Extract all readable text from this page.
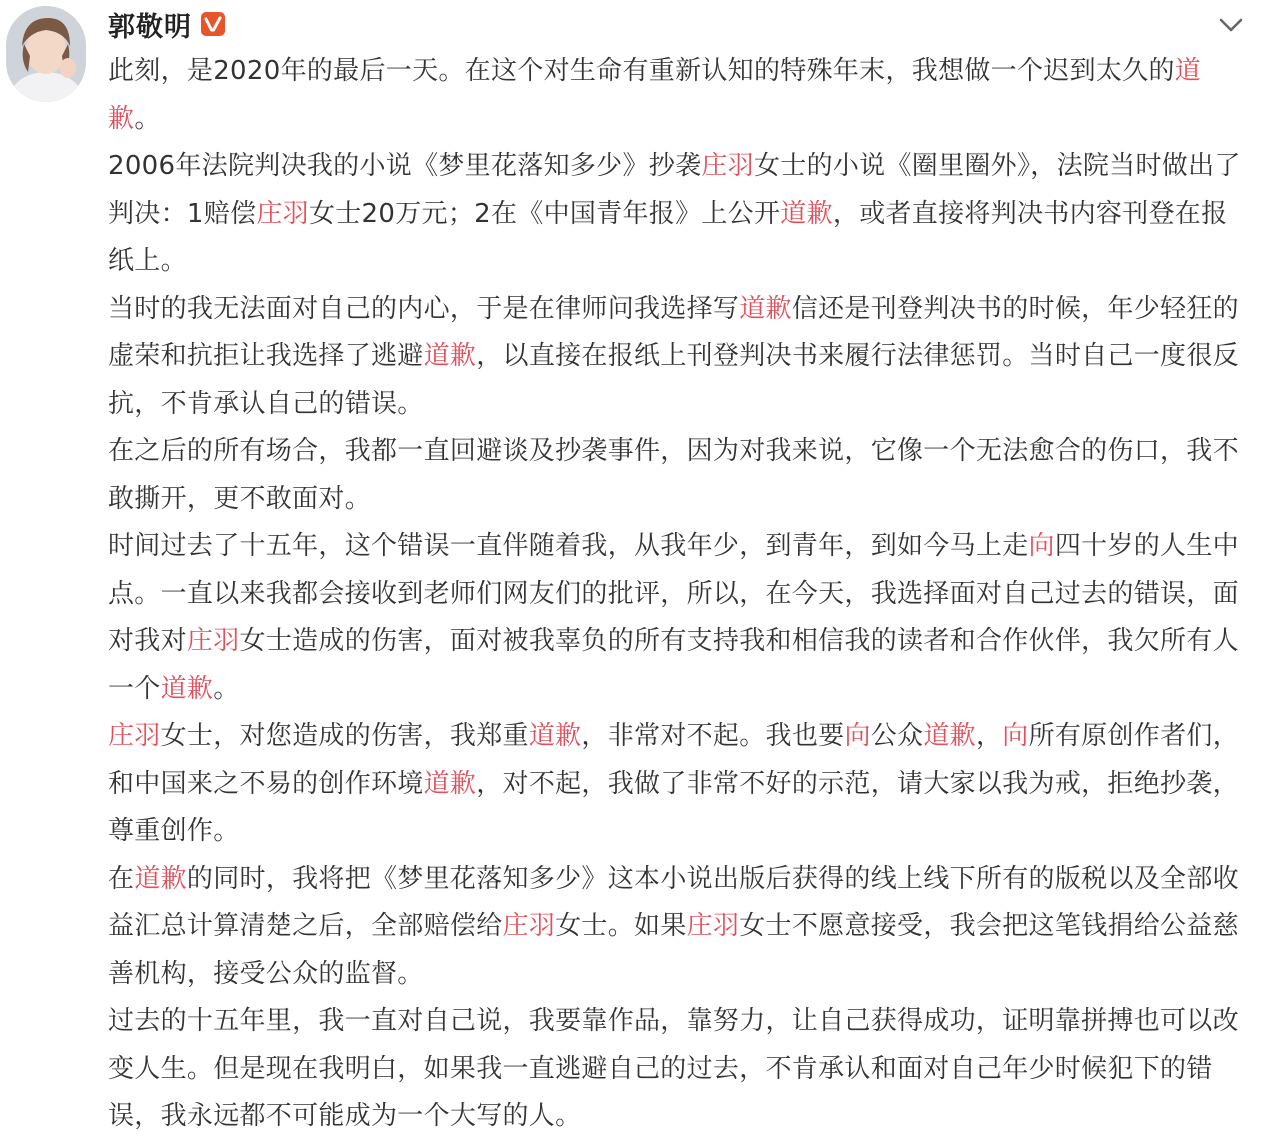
郭敬明

此刻，是2020年的最后一天。在这个对生命有重新认知的特殊年末，我想做一个迟到太久的道歉。

2006年法院判决我的小说《梦里花落知多少》抄袭庄羽女士的小说《圈里圈外》，法院当时做出了判决：1赔偿庄羽女士20万元；2在《中国青年报》上公开道歉，或者直接将判决书内容刊登在报纸上。

当时的我无法面对自己的内心，于是在律师问我选择写道歉信还是刊登判决书的时候，年少轻狂的虚荣和抗拒让我选择了逃避道歉，以直接在报纸上刊登判决书来履行法律惩罚。当时自己一度很反抗，不肯承认自己的错误。

在之后的所有场合，我都一直回避谈及抄袭事件，因为对我来说，它像一个无法愈合的伤口，我不敢撕开，更不敢面对。

时间过去了十五年，这个错误一直伴随着我，从我年少，到青年，到如今马上走向四十岁的人生中点。一直以来我都会接收到老师们网友们的批评，所以，在今天，我选择面对自己过去的错误，面对我对庄羽女士造成的伤害，面对被我辜负的所有支持我和相信我的读者和合作伙伴，我欠所有人一个道歉。

庄羽女士，对您造成的伤害，我郑重道歉，非常对不起。我也要向公众道歉，向所有原创作者们，和中国来之不易的创作环境道歉，对不起，我做了非常不好的示范，请大家以我为戒，拒绝抄袭，尊重创作。

在道歉的同时，我将把《梦里花落知多少》这本小说出版后获得的线上线下所有的版税以及全部收益汇总计算清楚之后，全部赔偿给庄羽女士。如果庄羽女士不愿意接受，我会把这笔钱捐给公益慈善机构，接受公众的监督。

过去的十五年里，我一直对自己说，我要靠作品，靠努力，让自己获得成功，证明靠拼搏也可以改变人生。但是现在我明白，如果我一直逃避自己的过去，不肯承认和面对自己年少时候犯下的错误，我永远都不可能成为一个大写的人。
